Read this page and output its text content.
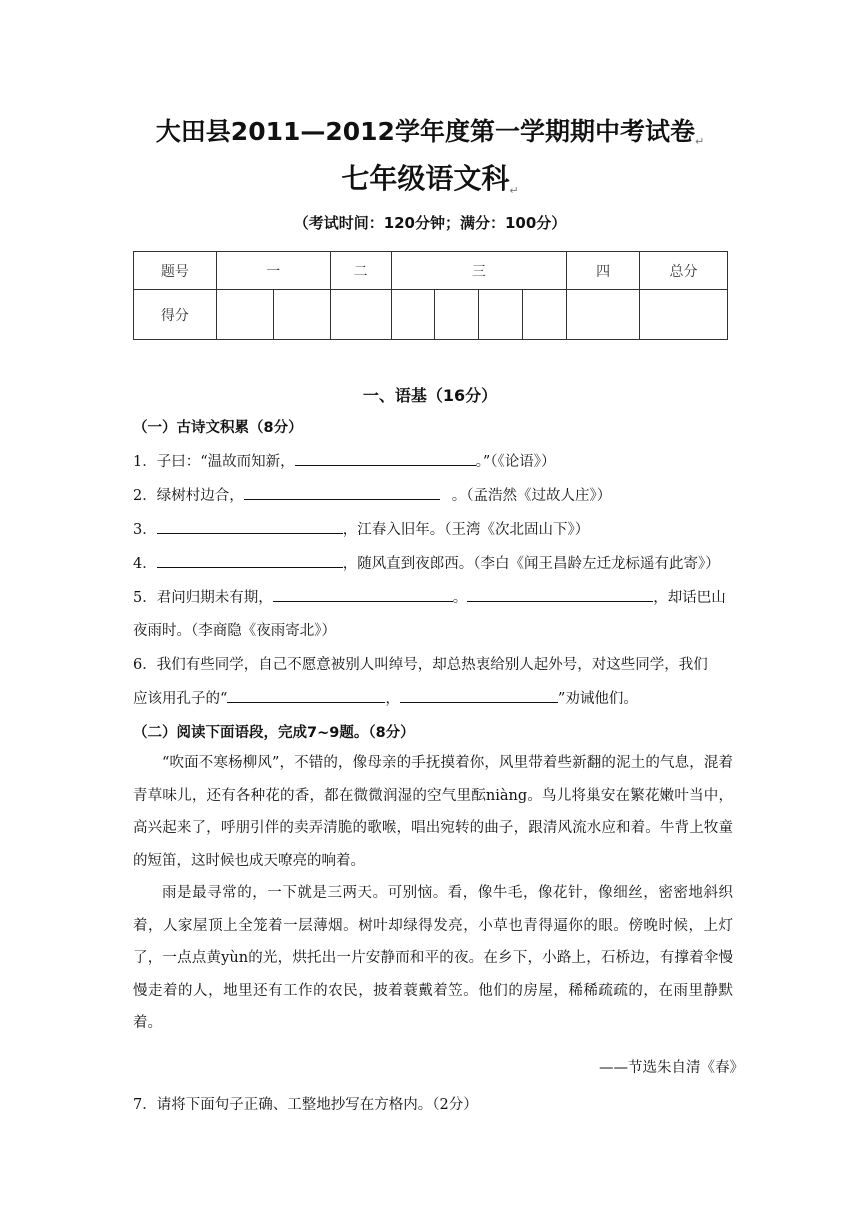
大田县2011—2012学年度第一学期期中考试卷↵
七年级语文科↵
（考试时间：120分钟；满分：100分）
题号	一		二	三				四	总分
得分									
一、语基（16分）
（一）古诗文积累（8分）
1．子曰：“温故而知新，	。”（《论语》）
2．绿树村边合，	。（孟浩然《过故人庄》）
3．	，江春入旧年。（王湾《次北固山下》）
4．	，随风直到夜郎西。（李白《闻王昌龄左迁龙标遥有此寄》）
5．君问归期未有期，	。	，却话巴山
夜雨时。（李商隐《夜雨寄北》）
6．我们有些同学，自己不愿意被别人叫绰号，却总热衷给别人起外号，对这些同学，我们
应该用孔子的“	，	”劝诫他们。
（二）阅读下面语段，完成7~9题。（8分）
“吹面不寒杨柳风”，不错的，像母亲的手抚摸着你，风里带着些新翻的泥土的气息，混着青草味儿，还有各种花的香，都在微微润湿的空气里酝niàng。鸟儿将巢安在繁花嫩叶当中，高兴起来了，呼朋引伴的卖弄清脆的歌喉，唱出宛转的曲子，跟清风流水应和着。牛背上牧童的短笛，这时候也成天嘹亮的响着。
雨是最寻常的，一下就是三两天。可别恼。看，像牛毛，像花针，像细丝，密密地斜织着，人家屋顶上全笼着一层薄烟。树叶却绿得发亮，小草也青得逼你的眼。傍晚时候，上灯了，一点点黄yùn的光，烘托出一片安静而和平的夜。在乡下，小路上，石桥边，有撑着伞慢慢走着的人，地里还有工作的农民，披着蓑戴着笠。他们的房屋，稀稀疏疏的，在雨里静默着。
——节选朱自清《春》
7．请将下面句子正确、工整地抄写在方格内。（2分）
